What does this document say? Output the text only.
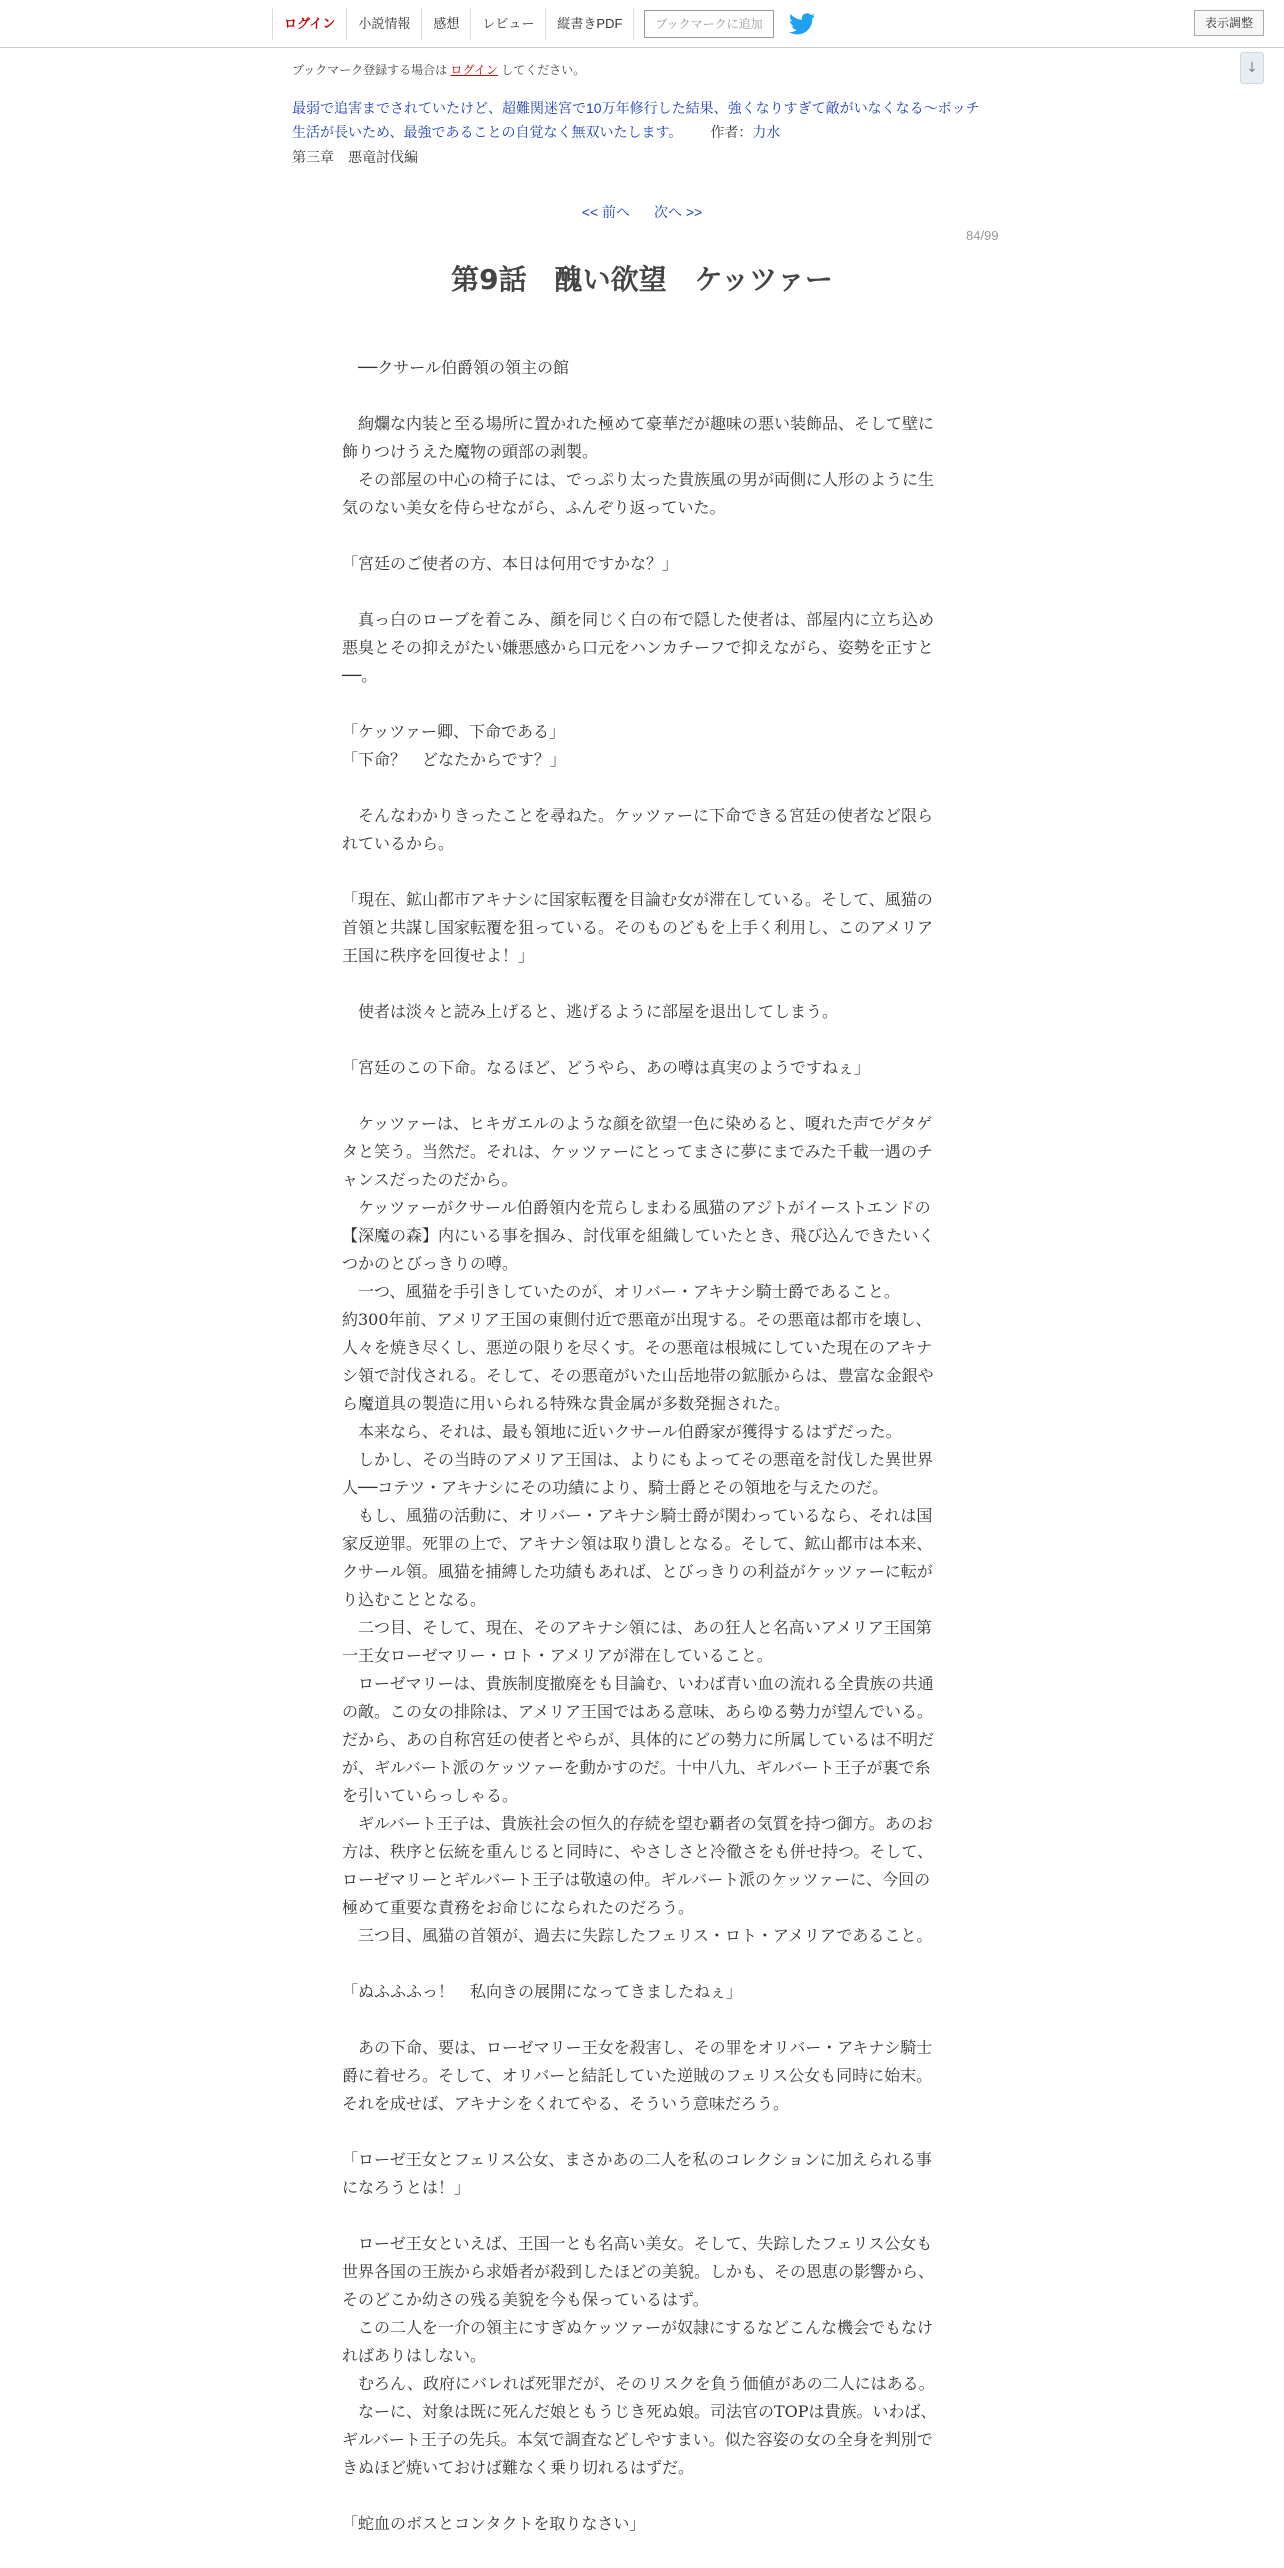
ログイン	小説情報	感想	レビュー	縦書きPDF	ブックマークに追加	表示調整
↓
ブックマーク登録する場合は ログイン してください。
最弱で追害までされていたけど、超難関迷宮で10万年修行した結果、強くなりすぎて敵がいなくなる～ボッチ生活が長いため、最強であることの自覚なく無双いたします。 作者：力水
第三章　悪竜討伐編
<< 前へ 次へ >>
84/99
第9話　醜い欲望　ケッツァー

　──クサール伯爵領の領主の館

　絢爛な内装と至る場所に置かれた極めて豪華だが趣味の悪い装飾品、そして壁に飾りつけうえた魔物の頭部の剥製。

　その部屋の中心の椅子には、でっぷり太った貴族風の男が両側に人形のように生気のない美女を侍らせながら、ふんぞり返っていた。

「宮廷のご使者の方、本日は何用ですかな？」

　真っ白のローブを着こみ、顔を同じく白の布で隠した使者は、部屋内に立ち込め悪臭とその抑えがたい嫌悪感から口元をハンカチーフで抑えながら、姿勢を正すと──。

「ケッツァー卿、下命である」

「下命？　どなたからです？」

　そんなわかりきったことを尋ねた。ケッツァーに下命できる宮廷の使者など限られているから。

「現在、鉱山都市アキナシに国家転覆を目論む女が滞在している。そして、風猫の首領と共謀し国家転覆を狙っている。そのものどもを上手く利用し、このアメリア王国に秩序を回復せよ！」

　使者は淡々と読み上げると、逃げるように部屋を退出してしまう。

「宮廷のこの下命。なるほど、どうやら、あの噂は真実のようですねぇ」

　ケッツァーは、ヒキガエルのような顔を欲望一色に染めると、嗄れた声でゲタゲタと笑う。当然だ。それは、ケッツァーにとってまさに夢にまでみた千載一遇のチャンスだったのだから。

　ケッツァーがクサール伯爵領内を荒らしまわる風猫のアジトがイーストエンドの【深魔の森】内にいる事を掴み、討伐軍を組織していたとき、飛び込んできたいくつかのとびっきりの噂。

　一つ、風猫を手引きしていたのが、オリバー・アキナシ騎士爵であること。

約300年前、アメリア王国の東側付近で悪竜が出現する。その悪竜は都市を壊し、人々を焼き尽くし、悪逆の限りを尽くす。その悪竜は根城にしていた現在のアキナシ領で討伐される。そして、その悪竜がいた山岳地帯の鉱脈からは、豊富な金銀や ら魔道具の製造に用いられる特殊な貴金属が多数発掘された。

　本来なら、それは、最も領地に近いクサール伯爵家が獲得するはずだった。

　しかし、その当時のアメリア王国は、よりにもよってその悪竜を討伐した異世界人──コテツ・アキナシにその功績により、騎士爵とその領地を与えたのだ。

　もし、風猫の活動に、オリバー・アキナシ騎士爵が関わっているなら、それは国家反逆罪。死罪の上で、アキナシ領は取り潰しとなる。そして、鉱山都市は本来、クサール領。風猫を捕縛した功績もあれば、とびっきりの利益がケッツァーに転がり込むこととなる。

　二つ目、そして、現在、そのアキナシ領には、あの狂人と名高いアメリア王国第一王女ローゼマリー・ロト・アメリアが滞在していること。

　ローゼマリーは、貴族制度撤廃をも目論む、いわば青い血の流れる全貴族の共通の敵。この女の排除は、アメリア王国ではある意味、あらゆる勢力が望んでいる。だから、あの自称宮廷の使者とやらが、具体的にどの勢力に所属しているは不明だが、ギルバート派のケッツァーを動かすのだ。十中八九、ギルバート王子が裏で糸を引いていらっしゃる。

　ギルバート王子は、貴族社会の恒久的存続を望む覇者の気質を持つ御方。あのお方は、秩序と伝統を重んじると同時に、やさしさと冷徹さをも併せ持つ。そして、ローゼマリーとギルバート王子は敬遠の仲。ギルバート派のケッツァーに、今回の極めて重要な責務をお命じになられたのだろう。

　三つ目、風猫の首領が、過去に失踪したフェリス・ロト・アメリアであること。

「ぬふふふっ！　私向きの展開になってきましたねぇ」

　あの下命、要は、ローゼマリー王女を殺害し、その罪をオリバー・アキナシ騎士爵に着せろ。そして、オリバーと結託していた逆賊のフェリス公女も同時に始末。それを成せば、アキナシをくれてやる、そういう意味だろう。

「ローゼ王女とフェリス公女、まさかあの二人を私のコレクションに加えられる事になろうとは！」

　ローゼ王女といえば、王国一とも名高い美女。そして、失踪したフェリス公女も世界各国の王族から求婚者が殺到したほどの美貌。しかも、その恩恵の影響から、そのどこか幼さの残る美貌を今も保っているはず。

　この二人を一介の領主にすぎぬケッツァーが奴隷にするなどこんな機会でもなければありはしない。

　むろん、政府にバレれば死罪だが、そのリスクを負う価値があの二人にはある。

　なーに、対象は既に死んだ娘ともうじき死ぬ娘。司法官のTOPは貴族。いわば、ギルバート王子の先兵。本気で調査などしやすまい。似た容姿の女の全身を判別できぬほど焼いておけば難なく乗り切れるはずだ。

「蛇血のボスとコンタクトを取りなさい」
